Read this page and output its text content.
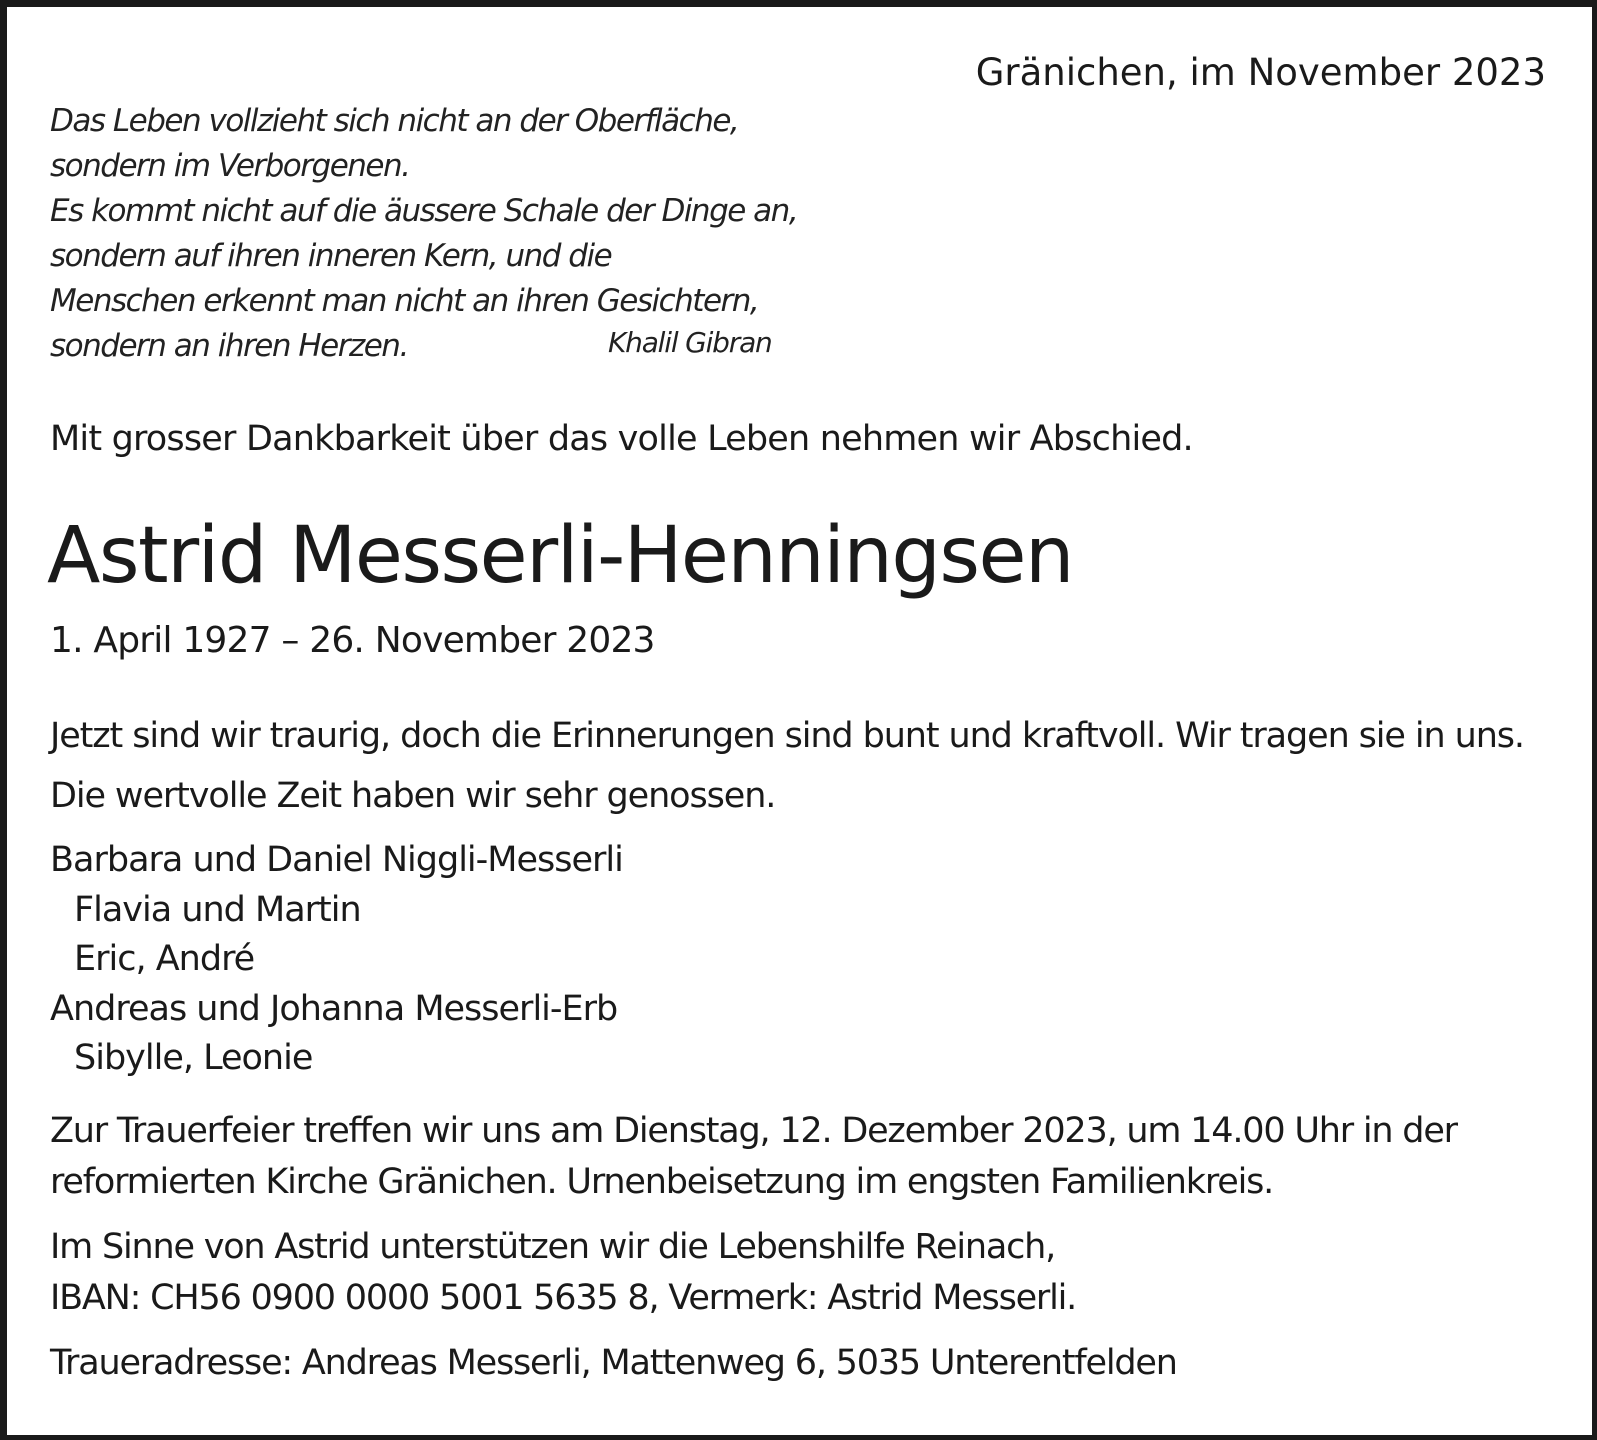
Gränichen, im November 2023
Das Leben vollzieht sich nicht an der Oberfläche,
sondern im Verborgenen.
Es kommt nicht auf die äussere Schale der Dinge an,
sondern auf ihren inneren Kern, und die
Menschen erkennt man nicht an ihren Gesichtern,
sondern an ihren Herzen.	Khalil Gibran
Mit grosser Dankbarkeit über das volle Leben nehmen wir Abschied.
Astrid Messerli-Henningsen
1. April 1927 – 26. November 2023
Jetzt sind wir traurig, doch die Erinnerungen sind bunt und kraftvoll. Wir tragen sie in uns.
Die wertvolle Zeit haben wir sehr genossen.
Barbara und Daniel Niggli-Messerli
Flavia und Martin
Eric, André
Andreas und Johanna Messerli-Erb
Sibylle, Leonie
Zur Trauerfeier treffen wir uns am Dienstag, 12. Dezember 2023, um 14.00 Uhr in der
reformierten Kirche Gränichen. Urnenbeisetzung im engsten Familienkreis.
Im Sinne von Astrid unterstützen wir die Lebenshilfe Reinach,
IBAN: CH56 0900 0000 5001 5635 8, Vermerk: Astrid Messerli.
Traueradresse: Andreas Messerli, Mattenweg 6, 5035 Unterentfelden
